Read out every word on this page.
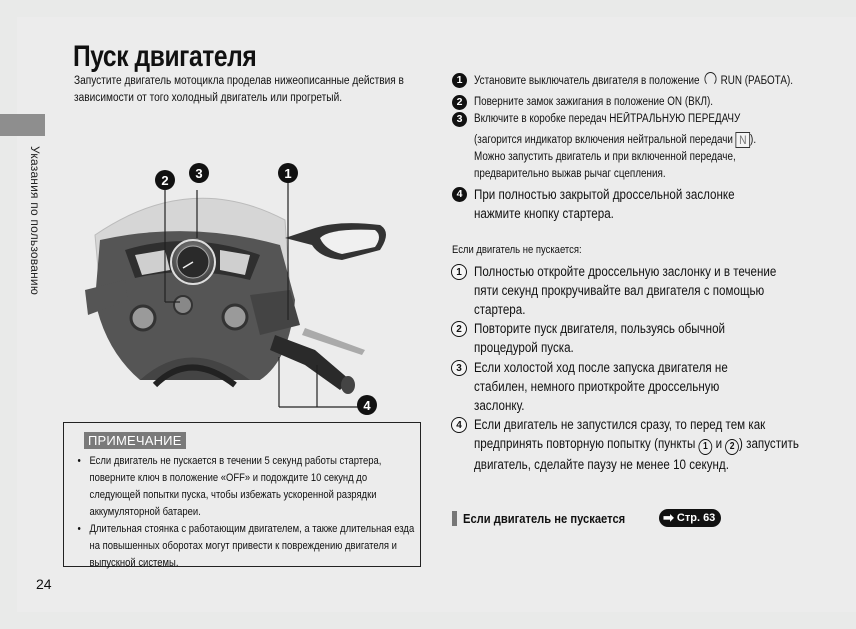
Указания по пользованию
Пуск двигателя
Запустите двигатель мотоцикла проделав нижеописанные действия в зависимости от того холодный двигатель или прогретый.
2	3	1
4
ПРИМЕЧАНИЕ
• Если двигатель не пускается в течении 5 секунд работы стартера, поверните ключ в положение «OFF» и подождите 10 секунд до следующей попытки пуска, чтобы избежать ускоренной разрядки аккумуляторной батареи.
• Длительная стоянка с работающим двигателем, а также длительная езда на повышенных оборотах могут привести к повреждению двигателя и выпускной системы.
24
1	Установите выключатель двигателя в положение RUN (РАБОТА).
2	Поверните замок зажигания в положение ON (ВКЛ).
3	Включите в коробке передач НЕЙТРАЛЬНУЮ ПЕРЕДАЧУ
(загорится индикатор включения нейтральной передачи N ).
Можно запустить двигатель и при включенной передаче, предварительно выжав рычаг сцепления.
4 При полностью закрытой дроссельной заслонке нажмите кнопку стартера.
Если двигатель не пускается:
1 Полностью откройте дроссельную заслонку и в течение пяти секунд прокручивайте вал двигателя с помощью стартера.
2 Повторите пуск двигателя, пользуясь обычной процедурой пуска.
3 Если холостой ход после запуска двигателя не стабилен, немного приоткройте дроссельную заслонку.
4 Если двигатель не запустился сразу, то перед тем как предпринять повторную попытку (пункты 1 и 2 ) запустить двигатель, сделайте паузу не менее 10 секунд.
Если двигатель не пускается	➡ Стр. 63
